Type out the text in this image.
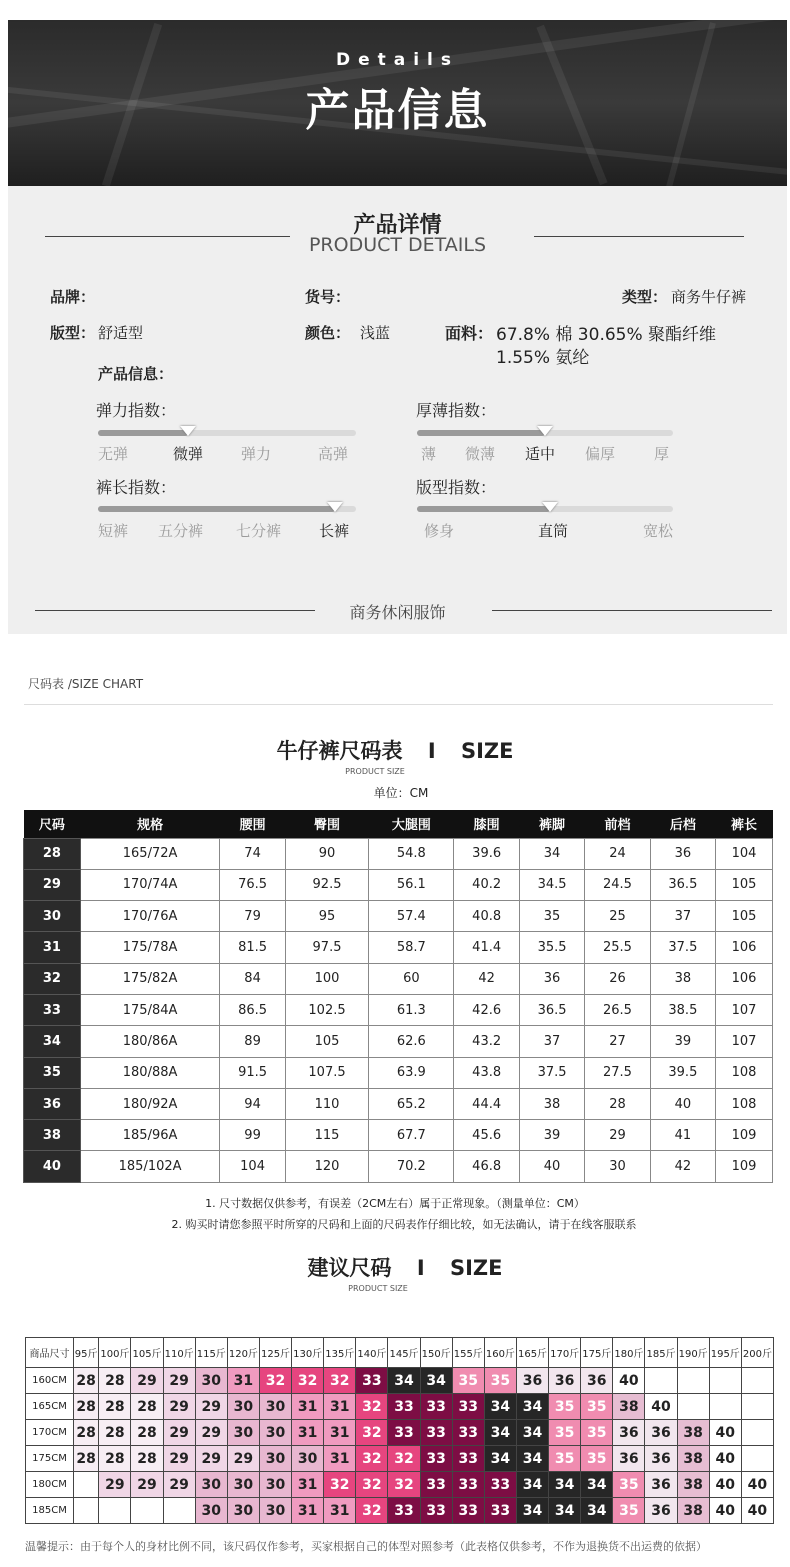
Details
产品信息
产品详情
PRODUCT DETAILS
品牌：	货号：	类型： 商务牛仔裤
版型： 舒适型	颜色： 浅蓝	面料： 67.8% 棉 30.65% 聚酯纤维
1.55% 氨纶
产品信息：
弹力指数：
无弹	微弹	弹力	高弹
厚薄指数：
薄 微薄 适中 偏厚	厚
裤长指数：
短裤 五分裤 七分裤	长裤
版型指数：
修身	直筒	宽松
商务休闲服饰
尺码表 /SIZE CHART
牛仔裤尺码表 I SIZE
PRODUCT SIZE
单位：CM
尺码	规格	腰围	臀围	大腿围	膝围	裤脚	前档	后档	裤长
28	165/72A	74	90	54.8	39.6	34	24	36	104
29	170/74A	76.5	92.5	56.1	40.2	34.5	24.5	36.5	105
30	170/76A	79	95	57.4	40.8	35	25	37	105
31	175/78A	81.5	97.5	58.7	41.4	35.5	25.5	37.5	106
32	175/82A	84	100	60	42	36	26	38	106
33	175/84A	86.5	102.5	61.3	42.6	36.5	26.5	38.5	107
34	180/86A	89	105	62.6	43.2	37	27	39	107
35	180/88A	91.5	107.5	63.9	43.8	37.5	27.5	39.5	108
36	180/92A	94	110	65.2	44.4	38	28	40	108
38	185/96A	99	115	67.7	45.6	39	29	41	109
40	185/102A	104	120	70.2	46.8	40	30	42	109
1. 尺寸数据仅供参考，有误差（2CM左右）属于正常现象。（测量单位：CM）
2. 购买时请您参照平时所穿的尺码和上面的尺码表作仔细比较，如无法确认，请于在线客服联系
建议尺码 I SIZE
PRODUCT SIZE
商品尺寸	95斤	100斤	105斤	110斤	115斤	120斤	125斤	130斤	135斤	140斤	145斤	150斤	155斤	160斤	165斤	170斤	175斤	180斤	185斤	190斤	195斤	200斤
160CM	28	28	29	29	30	31	32	32	32	33	34	34	35	35	36	36	36	40				
165CM	28	28	28	29	29	30	30	31	31	32	33	33	33	34	34	35	35	38	40			
170CM	28	28	28	29	29	30	30	31	31	32	33	33	33	34	34	35	35	36	36	38	40	
175CM	28	28	28	29	29	29	30	30	31	32	32	33	33	34	34	35	35	36	36	38	40	
180CM		29	29	29	30	30	30	31	32	32	32	33	33	33	34	34	34	35	36	38	40	40
185CM					30	30	30	31	31	32	33	33	33	33	34	34	34	35	36	38	40	40
温馨提示：由于每个人的身材比例不同，该尺码仅作参考，买家根据自己的体型对照参考（此表格仅供参考，不作为退换货不出运费的依据）
